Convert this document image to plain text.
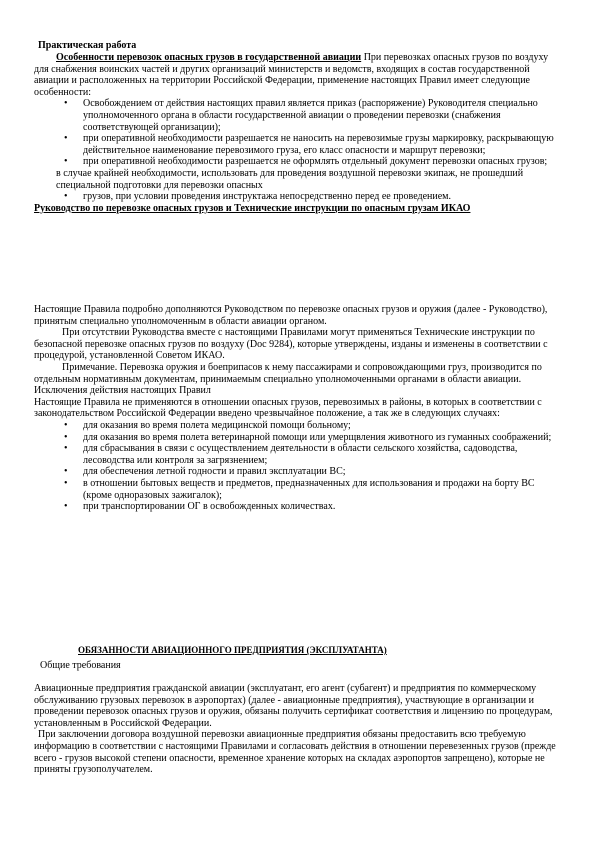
Практическая работа

Особенности перевозок опасных грузов в государственной авиации При перевозках опасных грузов по воздуху для снабжения воинских частей и других организаций министерств и ведомств, входящих в состав государственной авиации и расположенных на территории Российской Федерации, применение настоящих Правил имеет следующие особенности:

• Освобождением от действия настоящих правил является приказ (распоряжение) Руководителя специально уполномоченного органа в области государственной авиации о проведении перевозки (снабжения соответствующей организации);
• при оперативной необходимости разрешается не наносить на перевозимые грузы маркировку, раскрывающую действительное наименование перевозимого груза, его класс опасности и маршрут перевозки;
• при оперативной необходимости разрешается не оформлять отдельный документ перевозки опасных грузов;

в случае крайней необходимости, использовать для проведения воздушной перевозки экипаж, не прошедший специальной подготовки для перевозки опасных

• грузов, при условии проведения инструктажа непосредственно перед ее проведением.

Руководство по перевозке опасных грузов и Технические инструкции по опасным грузам ИКАО

Настоящие Правила подробно дополняются Руководством по перевозке опасных грузов и оружия (далее - Руководство), принятым специально уполномоченным в области авиации органом.

При отсутствии Руководства вместе с настоящими Правилами могут применяться Технические инструкции по безопасной перевозке опасных грузов по воздуху (Doc 9284), которые утверждены, изданы и изменены в соответствии с процедурой, установленной Советом ИКАО.

Примечание. Перевозка оружия и боеприпасов к нему пассажирами и сопровождающими груз, производится по отдельным нормативным документам, принимаемым специально уполномоченными органами в области авиации.

Исключения действия настоящих Правил

Настоящие Правила не применяются в отношении опасных грузов, перевозимых в районы, в которых в соответствии с законодательством Российской Федерации введено чрезвычайное положение, а так же в следующих случаях:

• для оказания во время полета медицинской помощи больному;
• для оказания во время полета ветеринарной помощи или умерщвления животного из гуманных соображений;
• для сбрасывания в связи с осуществлением деятельности в области сельского хозяйства, садоводства, лесоводства или контроля за загрязнением;
• для обеспечения летной годности и правил эксплуатации ВС;
• в отношении бытовых веществ и предметов, предназначенных для использования и продажи на борту ВС (кроме одноразовых зажигалок);
• при транспортировании ОГ в освобожденных количествах.

ОБЯЗАННОСТИ АВИАЦИОННОГО ПРЕДПРИЯТИЯ (ЭКСПЛУАТАНТА)

Общие требования

Авиационные предприятия гражданской авиации (эксплуатант, его агент (субагент) и предприятия по коммерческому обслуживанию грузовых перевозок в аэропортах) (далее - авиационные предприятия), участвующие в организации и проведении перевозок опасных грузов и оружия, обязаны получить сертификат соответствия и лицензию по процедурам, установленным в Российской Федерации.

При заключении договора воздушной перевозки авиационные предприятия обязаны предоставить всю требуемую информацию в соответствии с настоящими Правилами и согласовать действия в отношении перевезенных грузов (прежде всего - грузов высокой степени опасности, временное хранение которых на складах аэропортов запрещено), которые не приняты грузополучателем.
